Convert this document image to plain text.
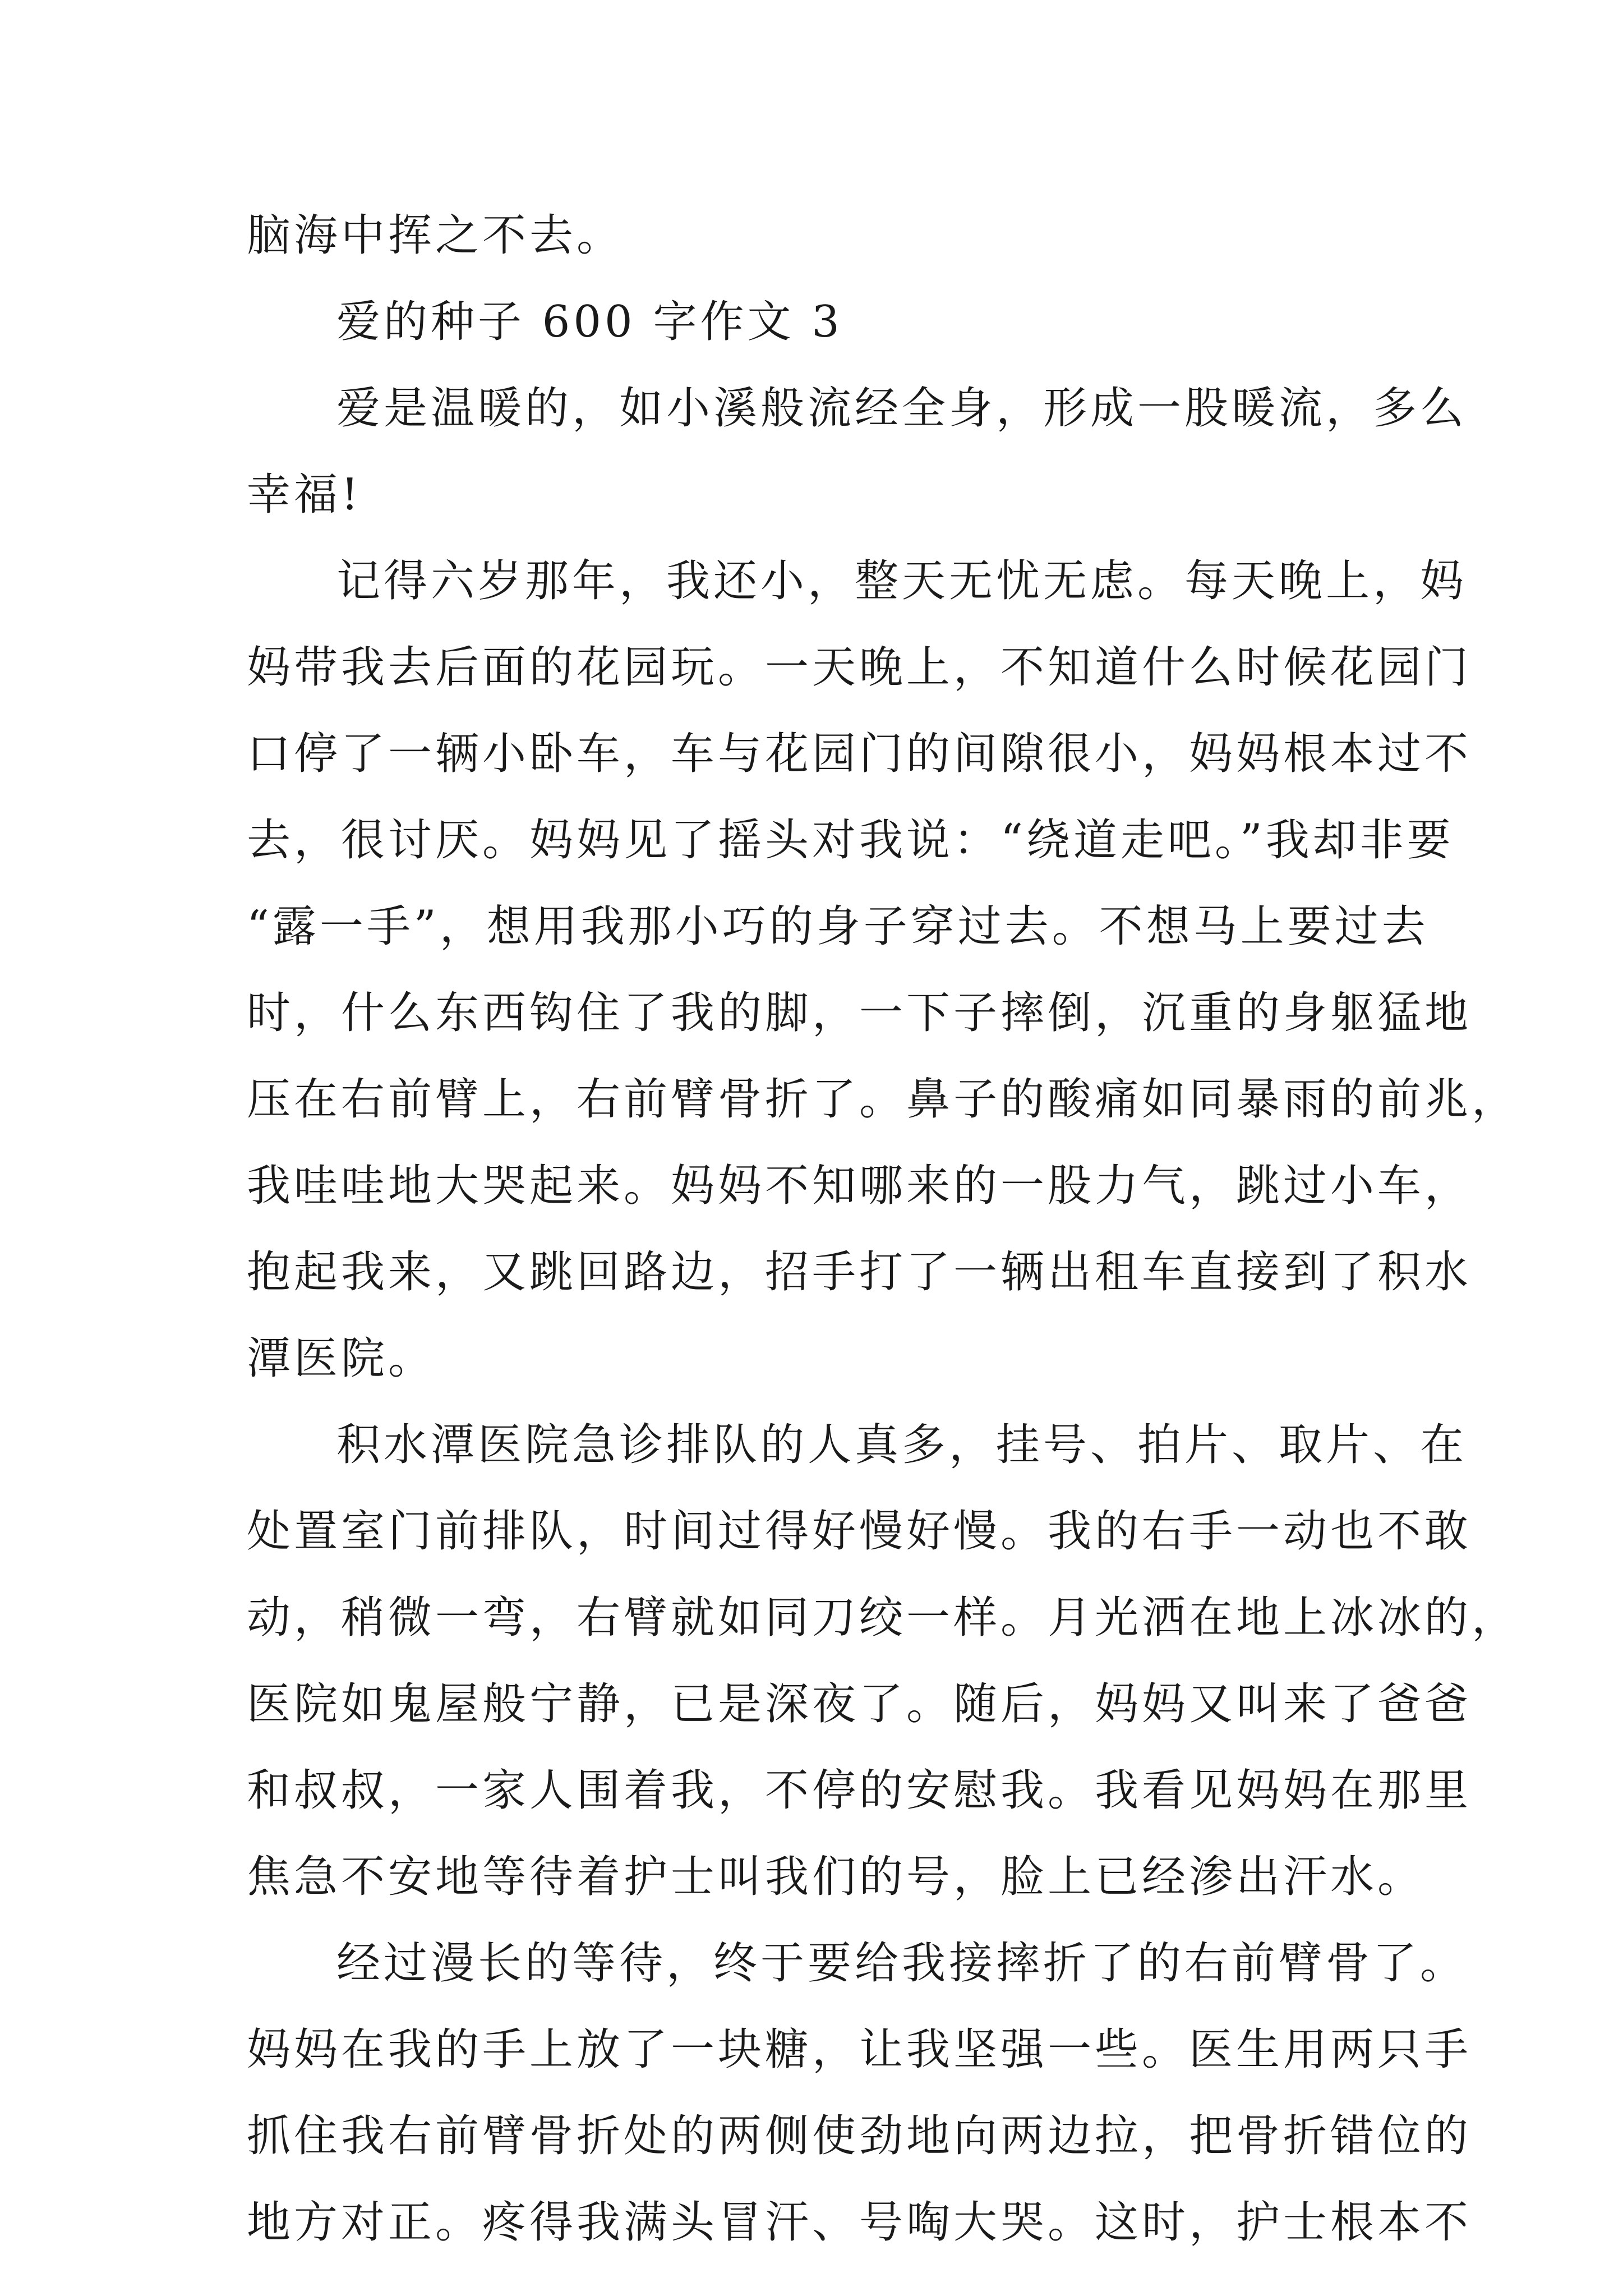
脑海中挥之不去。
爱的种子 600 字作文 3
爱是温暖的，如小溪般流经全身，形成一股暖流，多么
幸福!
记得六岁那年，我还小，整天无忧无虑。每天晚上，妈
妈带我去后面的花园玩。一天晚上，不知道什么时候花园门
口停了一辆小卧车，车与花园门的间隙很小，妈妈根本过不
去，很讨厌。妈妈见了摇头对我说：“绕道走吧。”我却非要
“露一手”，想用我那小巧的身子穿过去。不想马上要过去
时，什么东西钩住了我的脚，一下子摔倒，沉重的身躯猛地
压在右前臂上，右前臂骨折了。鼻子的酸痛如同暴雨的前兆，
我哇哇地大哭起来。妈妈不知哪来的一股力气，跳过小车，
抱起我来，又跳回路边，招手打了一辆出租车直接到了积水
潭医院。
积水潭医院急诊排队的人真多，挂号、拍片、取片、在
处置室门前排队，时间过得好慢好慢。我的右手一动也不敢
动，稍微一弯，右臂就如同刀绞一样。月光洒在地上冰冰的，
医院如鬼屋般宁静，已是深夜了。随后，妈妈又叫来了爸爸
和叔叔，一家人围着我，不停的安慰我。我看见妈妈在那里
焦急不安地等待着护士叫我们的号，脸上已经渗出汗水。
经过漫长的等待，终于要给我接摔折了的右前臂骨了。
妈妈在我的手上放了一块糖，让我坚强一些。医生用两只手
抓住我右前臂骨折处的两侧使劲地向两边拉，把骨折错位的
地方对正。疼得我满头冒汗、号啕大哭。这时，护士根本不
